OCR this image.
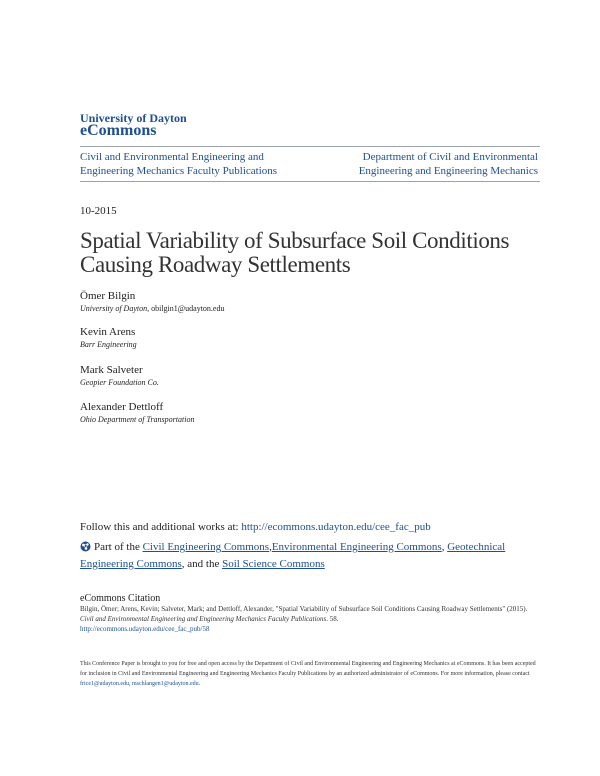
University of Dayton
eCommons
Civil and Environmental Engineering and Engineering Mechanics Faculty Publications
Department of Civil and Environmental Engineering and Engineering Mechanics
10-2015
Spatial Variability of Subsurface Soil Conditions Causing Roadway Settlements
Ömer Bilgin
University of Dayton, obilgin1@udayton.edu
Kevin Arens
Barr Engineering
Mark Salveter
Geopier Foundation Co.
Alexander Dettloff
Ohio Department of Transportation
Follow this and additional works at: http://ecommons.udayton.edu/cee_fac_pub
Part of the Civil Engineering Commons,Environmental Engineering Commons, Geotechnical Engineering Commons, and the Soil Science Commons
eCommons Citation
Bilgin, Ömer; Arens, Kevin; Salveter, Mark; and Dettloff, Alexander, "Spatial Variability of Subsurface Soil Conditions Causing Roadway Settlements" (2015). Civil and Environmental Engineering and Engineering Mechanics Faculty Publications. 58.
http://ecommons.udayton.edu/cee_fac_pub/58
This Conference Paper is brought to you for free and open access by the Department of Civil and Environmental Engineering and Engineering Mechanics at eCommons. It has been accepted for inclusion in Civil and Environmental Engineering and Engineering Mechanics Faculty Publications by an authorized administrator of eCommons. For more information, please contact frice1@udayton.edu, mschlangen1@udayton.edu.
